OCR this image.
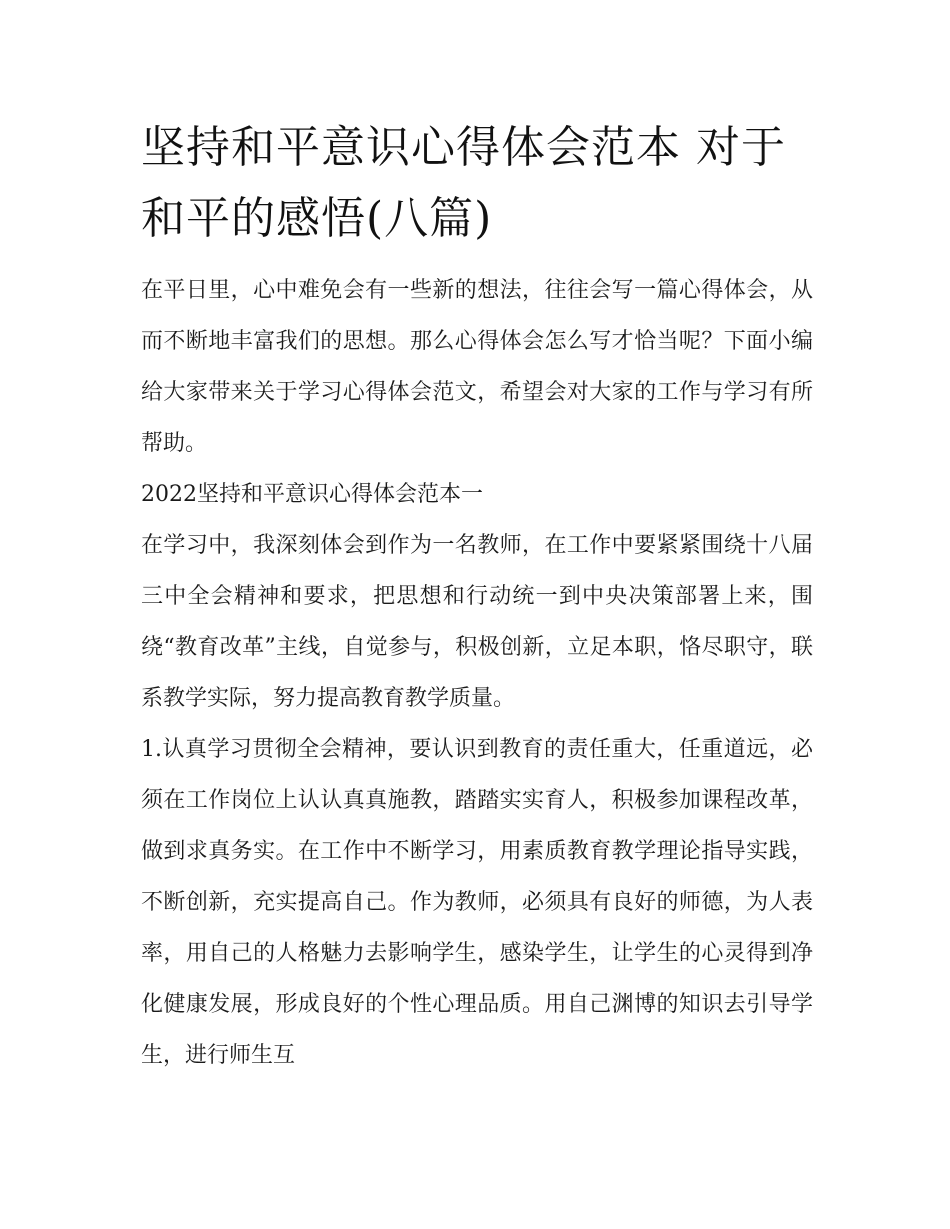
坚持和平意识心得体会范本 对于和平的感悟(八篇)

在平日里，心中难免会有一些新的想法，往往会写一篇心得体会，从而不断地丰富我们的思想。那么心得体会怎么写才恰当呢？下面小编给大家带来关于学习心得体会范文，希望会对大家的工作与学习有所帮助。

2022坚持和平意识心得体会范本一

在学习中，我深刻体会到作为一名教师，在工作中要紧紧围绕十八届三中全会精神和要求，把思想和行动统一到中央决策部署上来，围绕“教育改革”主线，自觉参与，积极创新，立足本职，恪尽职守，联系教学实际，努力提高教育教学质量。

1.认真学习贯彻全会精神，要认识到教育的责任重大，任重道远，必须在工作岗位上认认真真施教，踏踏实实育人，积极参加课程改革，做到求真务实。在工作中不断学习，用素质教育教学理论指导实践，不断创新，充实提高自己。作为教师，必须具有良好的师德，为人表率，用自己的人格魅力去影响学生，感染学生，让学生的心灵得到净化健康发展，形成良好的个性心理品质。用自己渊博的知识去引导学生，进行师生互
